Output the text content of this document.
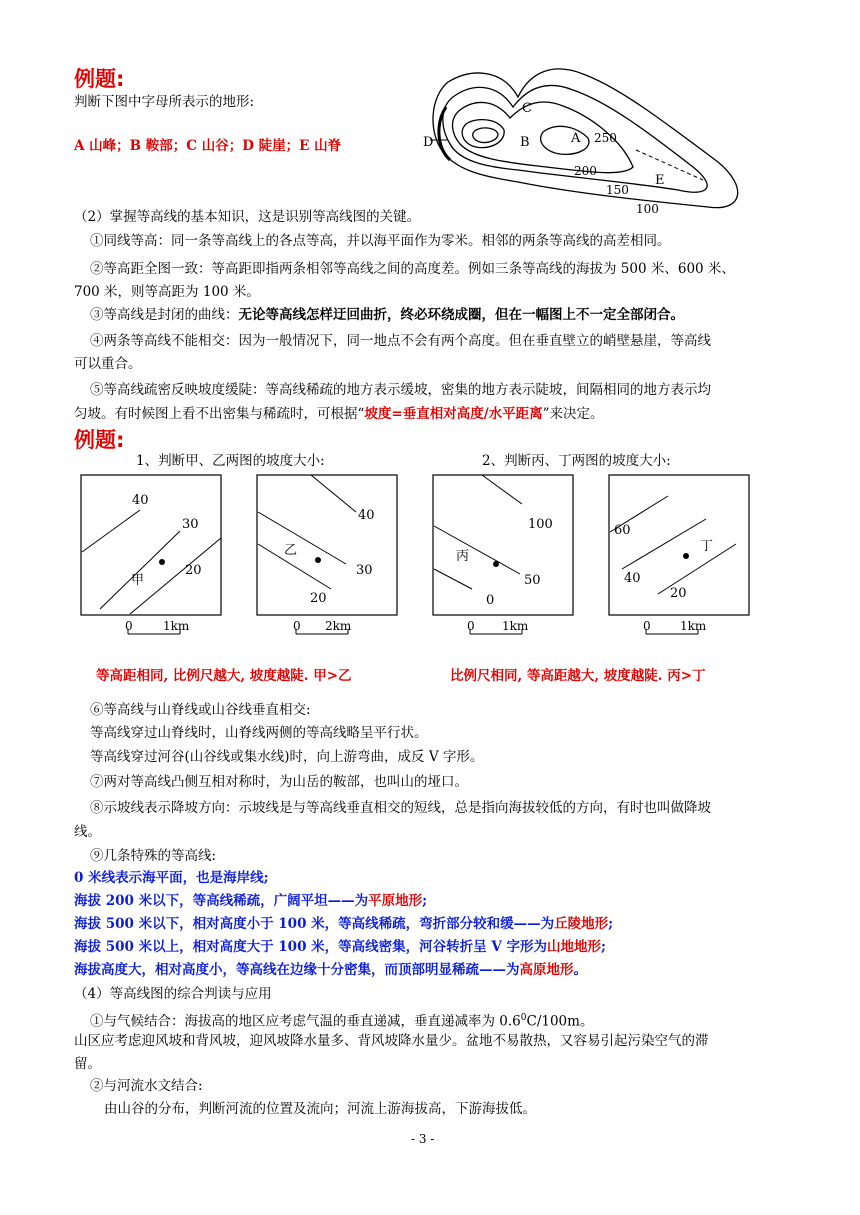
例题:
判断下图中字母所表示的地形:
A 山峰；B 鞍部；C 山谷；D 陡崖；E 山脊
C
D	B	A 250
200
150
E
100
（2）掌握等高线的基本知识，这是识别等高线图的关键。
①同线等高：同一条等高线上的各点等高，并以海平面作为零米。相邻的两条等高线的高差相同。
②等高距全图一致：等高距即指两条相邻等高线之间的高度差。例如三条等高线的海拔为 500 米、600 米、
700 米，则等高距为 100 米。
③等高线是封闭的曲线：无论等高线怎样迂回曲折，终必环绕成圈，但在一幅图上不一定全部闭合。
④两条等高线不能相交：因为一般情况下，同一地点不会有两个高度。但在垂直壁立的峭壁悬崖，等高线
可以重合。
⑤等高线疏密反映坡度缓陡：等高线稀疏的地方表示缓坡，密集的地方表示陡坡，间隔相同的地方表示均
匀坡。有时候图上看不出密集与稀疏时，可根据“坡度=垂直相对高度/水平距离”来决定。
例题:
1、判断甲、乙两图的坡度大小:	2、判断丙、丁两图的坡度大小:
40
30
20
甲
0	1km
40
30
20
乙
0 2km
100
50
0
丙
0 1km
60
40
20
丁
0 1km
等高距相同, 比例尺越大, 坡度越陡. 甲>乙	比例尺相同, 等高距越大, 坡度越陡. 丙>丁
⑥等高线与山脊线或山谷线垂直相交:
等高线穿过山脊线时，山脊线两侧的等高线略呈平行状。
等高线穿过河谷(山谷线或集水线)时，向上游弯曲，成反 V 字形。
⑦两对等高线凸侧互相对称时，为山岳的鞍部，也叫山的垭口。
⑧示坡线表示降坡方向：示坡线是与等高线垂直相交的短线，总是指向海拔较低的方向，有时也叫做降坡
线。
⑨几条特殊的等高线:
0 米线表示海平面，也是海岸线;
海拔 200 米以下，等高线稀疏，广阔平坦——为平原地形;
海拔 500 米以下，相对高度小于 100 米，等高线稀疏，弯折部分较和缓——为丘陵地形;
海拔 500 米以上，相对高度大于 100 米，等高线密集，河谷转折呈 V 字形为山地地形;
海拔高度大，相对高度小，等高线在边缘十分密集，而顶部明显稀疏——为高原地形。
（4）等高线图的综合判读与应用
①与气候结合：海拔高的地区应考虑气温的垂直递减，垂直递减率为 $0.6^0C/100m$。
山区应考虑迎风坡和背风坡，迎风坡降水量多、背风坡降水量少。盆地不易散热，又容易引起污染空气的滞
留。
②与河流水文结合:
由山谷的分布，判断河流的位置及流向；河流上游海拔高，下游海拔低。
- 3 -
